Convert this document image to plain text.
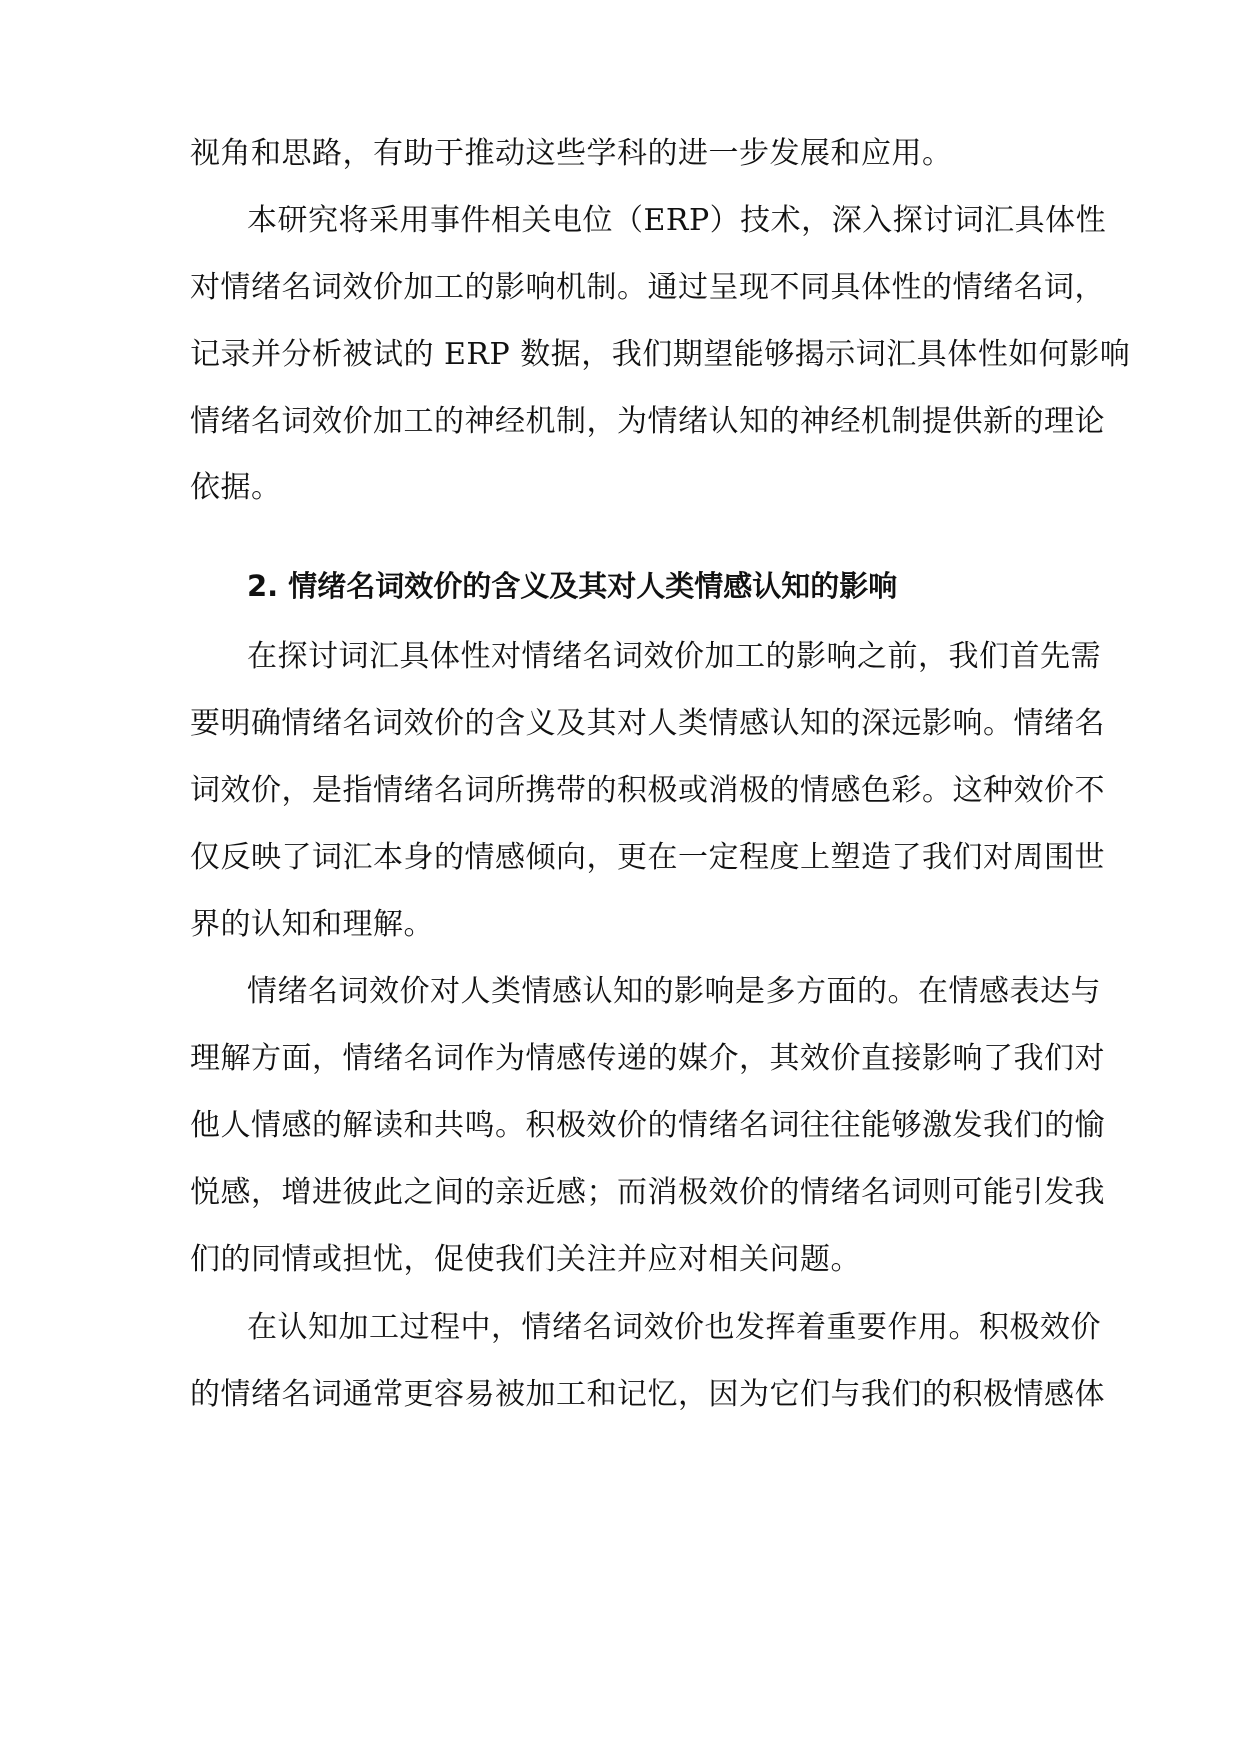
视角和思路，有助于推动这些学科的进一步发展和应用。
本研究将采用事件相关电位（ERP）技术，深入探讨词汇具体性
对情绪名词效价加工的影响机制。通过呈现不同具体性的情绪名词，
记录并分析被试的 ERP 数据，我们期望能够揭示词汇具体性如何影响
情绪名词效价加工的神经机制，为情绪认知的神经机制提供新的理论
依据。
2. 情绪名词效价的含义及其对人类情感认知的影响
在探讨词汇具体性对情绪名词效价加工的影响之前，我们首先需
要明确情绪名词效价的含义及其对人类情感认知的深远影响。情绪名
词效价，是指情绪名词所携带的积极或消极的情感色彩。这种效价不
仅反映了词汇本身的情感倾向，更在一定程度上塑造了我们对周围世
界的认知和理解。
情绪名词效价对人类情感认知的影响是多方面的。在情感表达与
理解方面，情绪名词作为情感传递的媒介，其效价直接影响了我们对
他人情感的解读和共鸣。积极效价的情绪名词往往能够激发我们的愉
悦感，增进彼此之间的亲近感；而消极效价的情绪名词则可能引发我
们的同情或担忧，促使我们关注并应对相关问题。
在认知加工过程中，情绪名词效价也发挥着重要作用。积极效价
的情绪名词通常更容易被加工和记忆，因为它们与我们的积极情感体
